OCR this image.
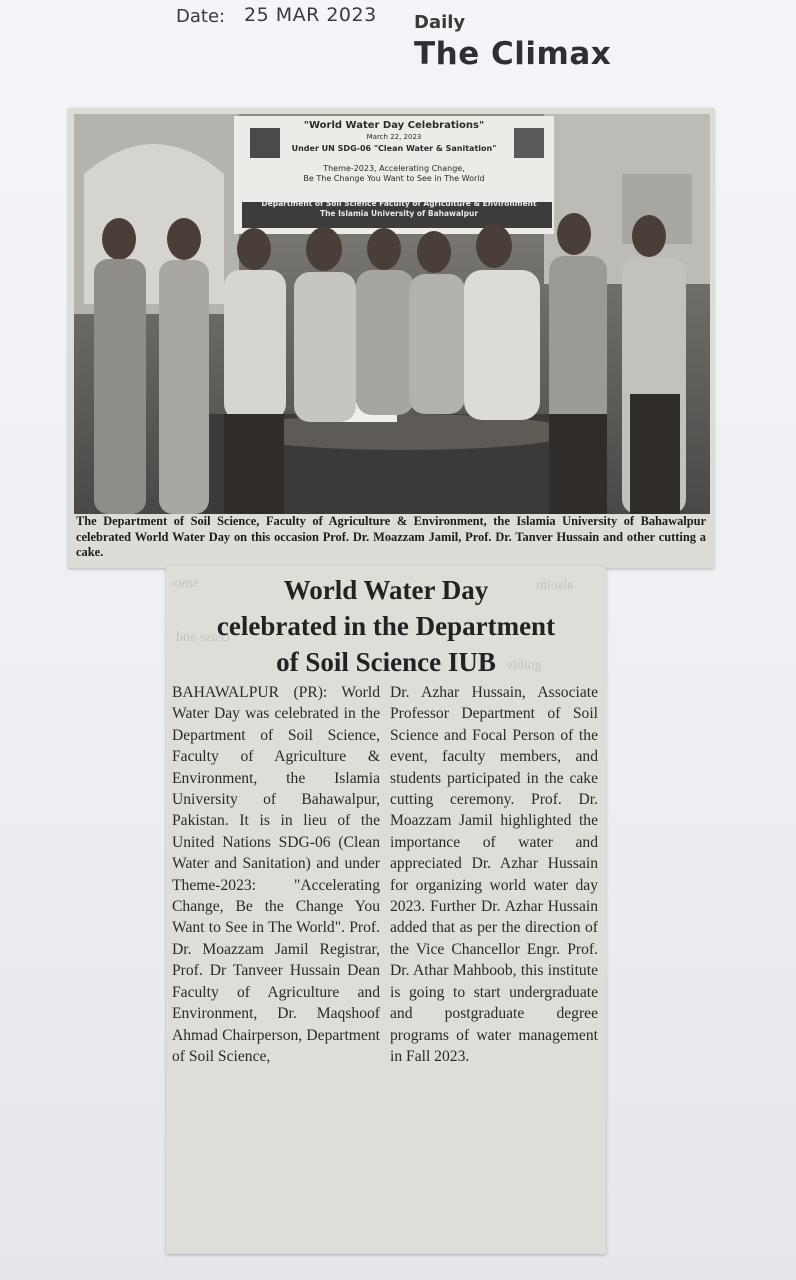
Date: 25 MAR 2023 Daily
The Climax
"World Water Day Celebrations"
March 22, 2023
Under UN SDG-06 "Clean Water & Sanitation"
Theme-2023, Accelerating Change,
Be The Change You Want to See in The World
Department of Soil Science Faculty of Agriculture & Environment
The Islamia University of Bahawalpur
The Department of Soil Science, Faculty of Agriculture & Environment, the Islamia University of Bahawalpur celebrated World Water Day on this occasion Prof. Dr. Moazzam Jamil, Prof. Dr. Tanver Hussain and other cutting a cake.
smo-	alsoim
cease and
gnibiv
World Water Day
celebrated in the Department
of Soil Science IUB
BAHAWALPUR (PR): World Water Day was celebrated in the Department of Soil Science, Faculty of Agriculture & Environment, the Islamia University of Bahawalpur, Pakistan. It is in lieu of the United Nations SDG-06 (Clean Water and Sanitation) and under Theme-2023: "Accelerating Change, Be the Change You Want to See in The World". Prof. Dr. Moazzam Jamil Registrar, Prof. Dr Tanveer Hussain Dean Faculty of Agriculture and Environment, Dr. Maqshoof Ahmad Chairperson, Department of Soil Science,
Dr. Azhar Hussain, Associate Professor Department of Soil Science and Focal Person of the event, faculty members, and students participated in the cake cutting ceremony. Prof. Dr. Moazzam Jamil highlighted the importance of water and appreciated Dr. Azhar Hussain for organizing world water day 2023. Further Dr. Azhar Hussain added that as per the direction of the Vice Chancellor Engr. Prof. Dr. Athar Mahboob, this institute is going to start undergraduate and postgraduate degree programs of water management in Fall 2023.
